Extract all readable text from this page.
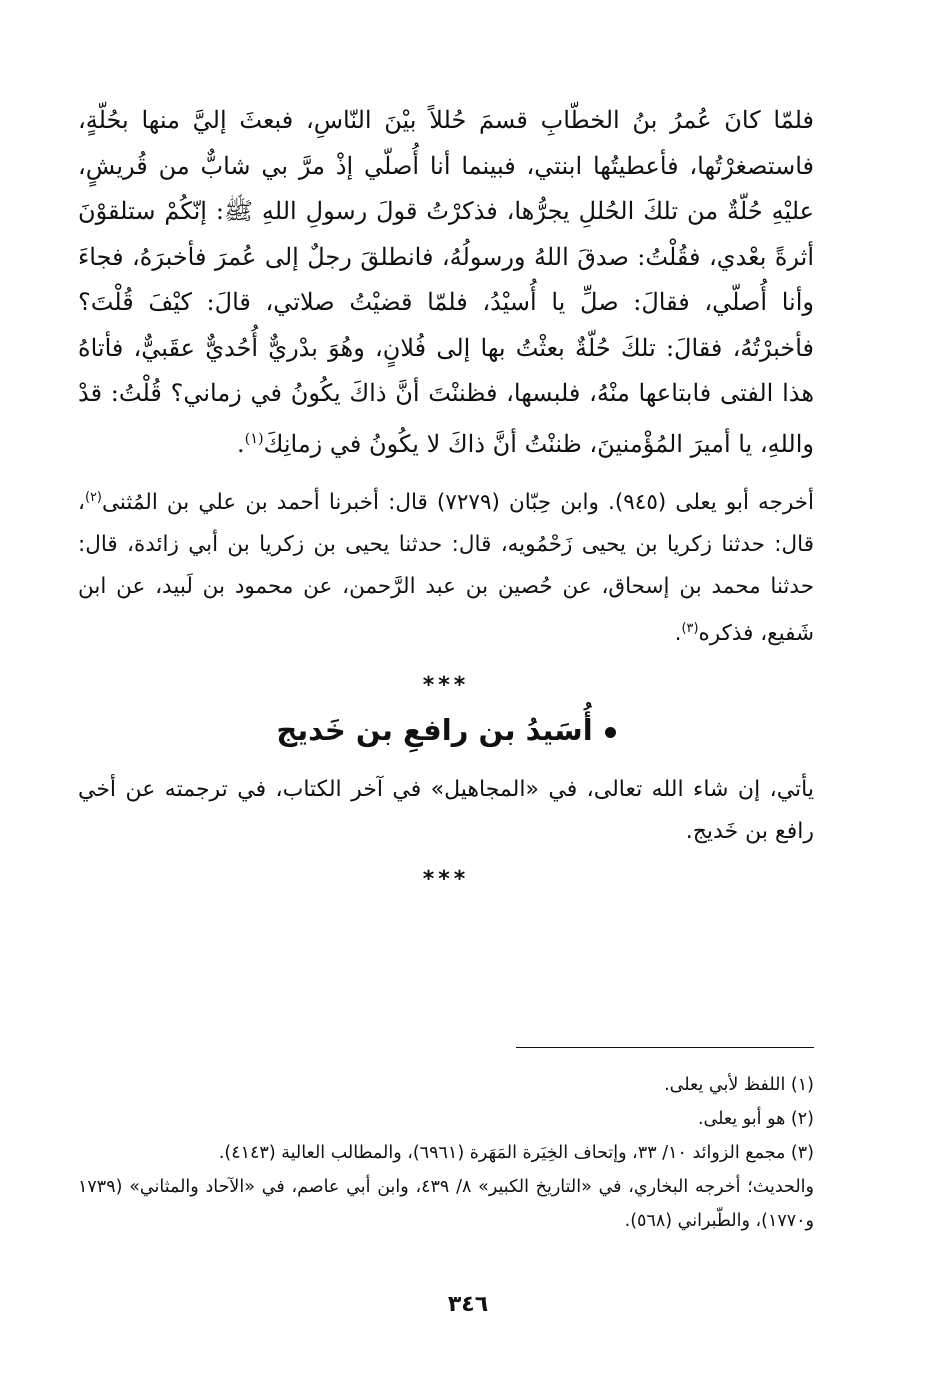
فلمّا كانَ عُمرُ بنُ الخطّابِ قسمَ حُللاً بيْنَ النّاسِ، فبعثَ إليَّ منها بحُلّةٍ، فاستصغرْتُها، فأعطيتُها ابنتي، فبينما أنا أُصلّي إذْ مرَّ بي شابٌّ من قُريشٍ، عليْهِ حُلّةٌ من تلكَ الحُللِ يجرُّها، فذكرْتُ قولَ رسولِ اللهِ ﷺ: إنّكُمْ ستلقوْنَ أثرةً بعْدي، فقُلْتُ: صدقَ اللهُ ورسولُهُ، فانطلقَ رجلٌ إلى عُمرَ فأخبرَهُ، فجاءَ وأنا أُصلّي، فقالَ: صلِّ يا أُسيْدُ، فلمّا قضيْتُ صلاتي، قالَ: كيْفَ قُلْتَ؟ فأخبرْتُهُ، فقالَ: تلكَ حُلّةٌ بعثْتُ بها إلى فُلانٍ، وهُوَ بدْريٌّ أُحُديٌّ عقَبيٌّ، فأتاهُ هذا الفتى فابتاعها منْهُ، فلبسها، فظننْتَ أنَّ ذاكَ يكُونُ في زماني؟ قُلْتُ: قدْ واللهِ، يا أميرَ المُؤْمنينَ، ظننْتُ أنَّ ذاكَ لا يكُونُ في زمانِكَ$^{(١)}$.

أخرجه أبو يعلى (٩٤٥). وابن حِبّان (٧٢٧٩) قال: أخبرنا أحمد بن علي بن المُثنى$^{(٢)}$، قال: حدثنا زكريا بن يحيى زَحْمُويه، قال: حدثنا يحيى بن زكريا بن أبي زائدة، قال: حدثنا محمد بن إسحاق، عن حُصين بن عبد الرَّحمن، عن محمود بن لَبيد، عن ابن شَفيع، فذكره$^{(٣)}$.

***
أُسَيدُ بن رافعِ بن خَديج

يأتي، إن شاء الله تعالى، في «المجاهيل» في آخر الكتاب، في ترجمته عن أخي رافع بن خَديج.

***

(١) اللفظ لأبي يعلى.

(٢) هو أبو يعلى.

(٣) مجمع الزوائد ١٠/ ٣٣، وإتحاف الخِيَرة المَهَرة (٦٩٦١)، والمطالب العالية (٤١٤٣).

والحديث؛ أخرجه البخاري، في «التاريخ الكبير» ٨/ ٤٣٩، وابن أبي عاصم، في «الآحاد والمثاني» (١٧٣٩ و١٧٧٠)، والطّبراني (٥٦٨).

٣٤٦
